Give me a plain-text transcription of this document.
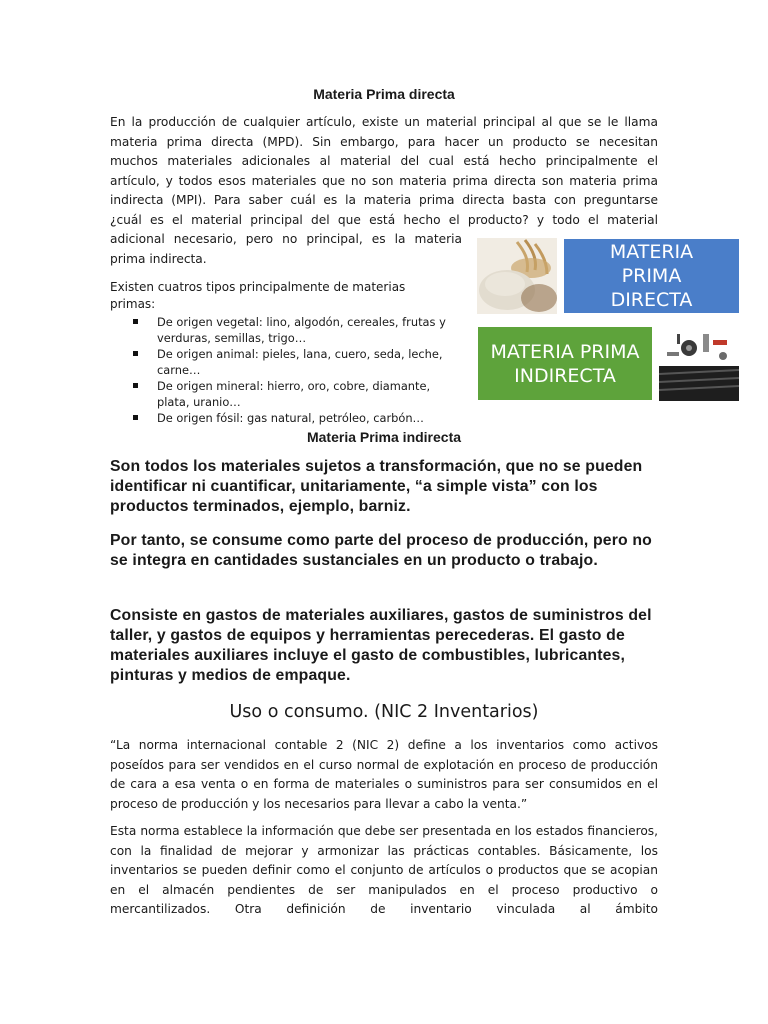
Materia Prima directa
En la producción de cualquier artículo, existe un material principal al que se le llama
materia prima directa (MPD). Sin embargo, para hacer un producto se necesitan
muchos materiales adicionales al material del cual está hecho principalmente el
artículo, y todos esos materiales que no son materia prima directa son materia prima
indirecta (MPI). Para saber cuál es la materia prima directa basta con preguntarse
¿cuál es el material principal del que está hecho el producto? y todo el material
adicional necesario, pero no principal, es la materia
prima indirecta.
Existen cuatros tipos principalmente de materias primas:
De origen vegetal: lino, algodón, cereales, frutas y verduras, semillas, trigo…
De origen animal: pieles, lana, cuero, seda, leche, carne…
De origen mineral: hierro, oro, cobre, diamante, plata, uranio…
De origen fósil: gas natural, petróleo, carbón…
MATERIA PRIMA DIRECTA
MATERIA PRIMA INDIRECTA
Materia Prima indirecta
Son todos los materiales sujetos a transformación, que no se pueden identificar ni cuantificar, unitariamente, “a simple vista” con los productos terminados, ejemplo, barniz.
Por tanto, se consume como parte del proceso de producción, pero no se integra en cantidades sustanciales en un producto o trabajo.
Consiste en gastos de materiales auxiliares, gastos de suministros del taller, y gastos de equipos y herramientas perecederas. El gasto de materiales auxiliares incluye el gasto de combustibles, lubricantes, pinturas y medios de empaque.
Uso o consumo. (NIC 2 Inventarios)
“La norma internacional contable 2 (NIC 2) define a los inventarios como activos poseídos para ser vendidos en el curso normal de explotación en proceso de producción de cara a esa venta o en forma de materiales o suministros para ser consumidos en el proceso de producción y los necesarios para llevar a cabo la venta.”
Esta norma establece la información que debe ser presentada en los estados financieros, con la finalidad de mejorar y armonizar las prácticas contables. Básicamente, los inventarios se pueden definir como el conjunto de artículos o productos que se acopian en el almacén pendientes de ser manipulados en el proceso productivo o mercantilizados. Otra definición de inventario vinculada al ámbito
